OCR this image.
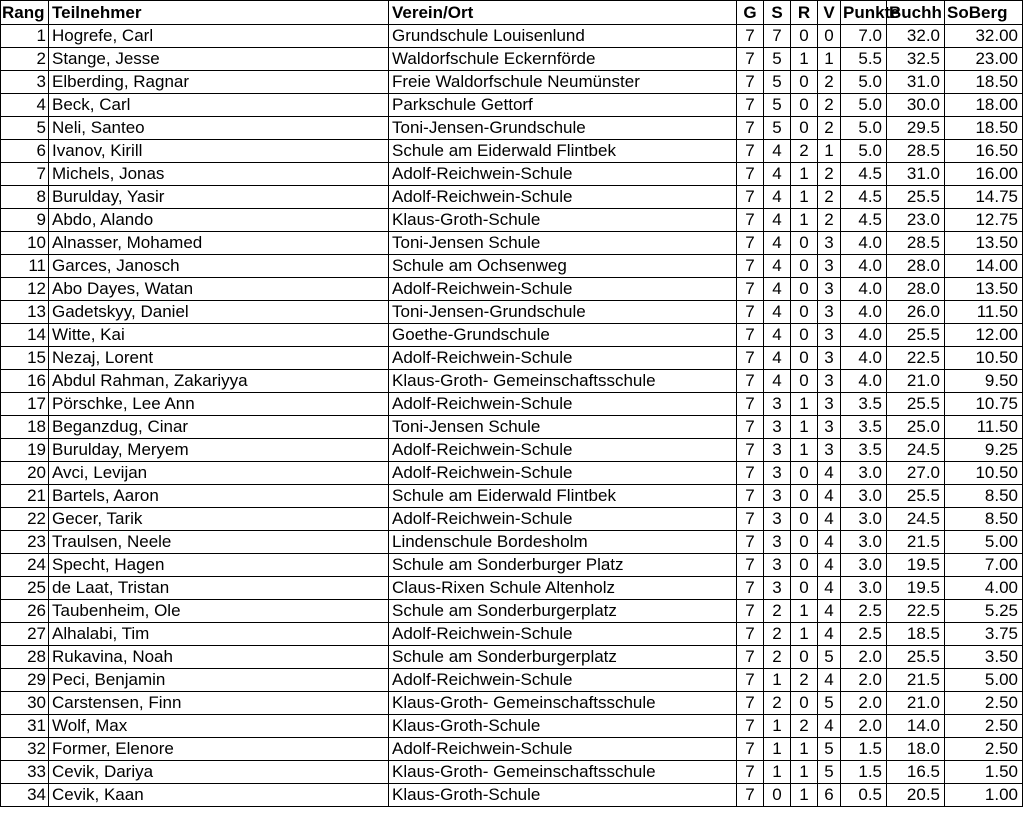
Rang	Teilnehmer	Verein/Ort	G	S	R	V	Punkte	Buchh	SoBerg
1	Hogrefe, Carl	Grundschule Louisenlund	7	7	0	0	7.0	32.0	32.00
2	Stange, Jesse	Waldorfschule Eckernförde	7	5	1	1	5.5	32.5	23.00
3	Elberding, Ragnar	Freie Waldorfschule Neumünster	7	5	0	2	5.0	31.0	18.50
4	Beck, Carl	Parkschule Gettorf	7	5	0	2	5.0	30.0	18.00
5	Neli, Santeo	Toni-Jensen-Grundschule	7	5	0	2	5.0	29.5	18.50
6	Ivanov, Kirill	Schule am Eiderwald Flintbek	7	4	2	1	5.0	28.5	16.50
7	Michels, Jonas	Adolf-Reichwein-Schule	7	4	1	2	4.5	31.0	16.00
8	Burulday, Yasir	Adolf-Reichwein-Schule	7	4	1	2	4.5	25.5	14.75
9	Abdo, Alando	Klaus-Groth-Schule	7	4	1	2	4.5	23.0	12.75
10	Alnasser, Mohamed	Toni-Jensen Schule	7	4	0	3	4.0	28.5	13.50
11	Garces, Janosch	Schule am Ochsenweg	7	4	0	3	4.0	28.0	14.00
12	Abo Dayes, Watan	Adolf-Reichwein-Schule	7	4	0	3	4.0	28.0	13.50
13	Gadetskyy, Daniel	Toni-Jensen-Grundschule	7	4	0	3	4.0	26.0	11.50
14	Witte, Kai	Goethe-Grundschule	7	4	0	3	4.0	25.5	12.00
15	Nezaj, Lorent	Adolf-Reichwein-Schule	7	4	0	3	4.0	22.5	10.50
16	Abdul Rahman, Zakariyya	Klaus-Groth- Gemeinschaftsschule	7	4	0	3	4.0	21.0	9.50
17	Pörschke, Lee Ann	Adolf-Reichwein-Schule	7	3	1	3	3.5	25.5	10.75
18	Beganzdug, Cinar	Toni-Jensen Schule	7	3	1	3	3.5	25.0	11.50
19	Burulday, Meryem	Adolf-Reichwein-Schule	7	3	1	3	3.5	24.5	9.25
20	Avci, Levijan	Adolf-Reichwein-Schule	7	3	0	4	3.0	27.0	10.50
21	Bartels, Aaron	Schule am Eiderwald Flintbek	7	3	0	4	3.0	25.5	8.50
22	Gecer, Tarik	Adolf-Reichwein-Schule	7	3	0	4	3.0	24.5	8.50
23	Traulsen, Neele	Lindenschule Bordesholm	7	3	0	4	3.0	21.5	5.00
24	Specht, Hagen	Schule am Sonderburger Platz	7	3	0	4	3.0	19.5	7.00
25	de Laat, Tristan	Claus-Rixen Schule Altenholz	7	3	0	4	3.0	19.5	4.00
26	Taubenheim, Ole	Schule am Sonderburgerplatz	7	2	1	4	2.5	22.5	5.25
27	Alhalabi, Tim	Adolf-Reichwein-Schule	7	2	1	4	2.5	18.5	3.75
28	Rukavina, Noah	Schule am Sonderburgerplatz	7	2	0	5	2.0	25.5	3.50
29	Peci, Benjamin	Adolf-Reichwein-Schule	7	1	2	4	2.0	21.5	5.00
30	Carstensen, Finn	Klaus-Groth- Gemeinschaftsschule	7	2	0	5	2.0	21.0	2.50
31	Wolf, Max	Klaus-Groth-Schule	7	1	2	4	2.0	14.0	2.50
32	Former, Elenore	Adolf-Reichwein-Schule	7	1	1	5	1.5	18.0	2.50
33	Cevik, Dariya	Klaus-Groth- Gemeinschaftsschule	7	1	1	5	1.5	16.5	1.50
34	Cevik, Kaan	Klaus-Groth-Schule	7	0	1	6	0.5	20.5	1.00
